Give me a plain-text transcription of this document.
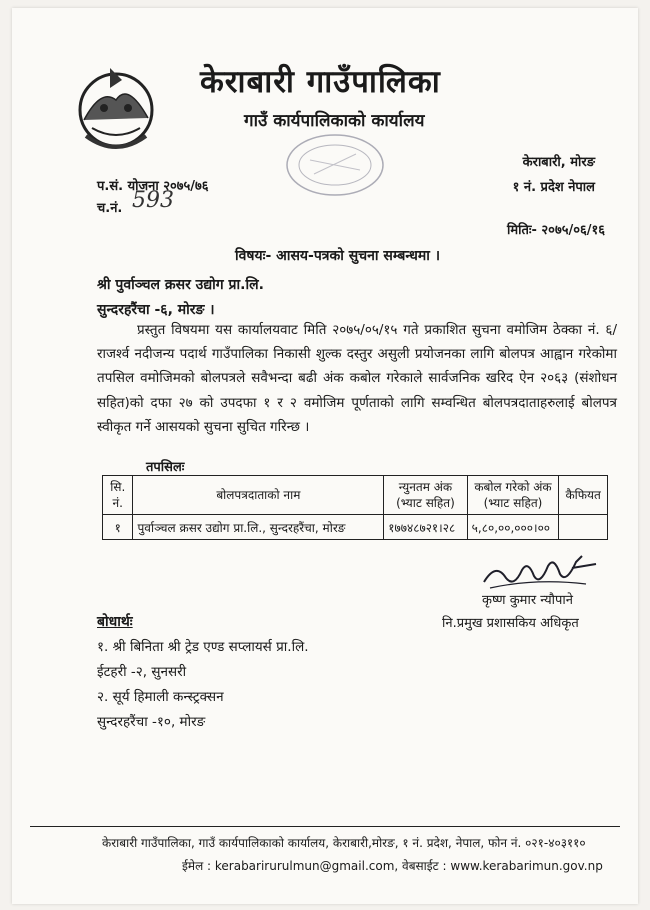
केराबारी गाउँपालिका
गाउँ कार्यपालिकाको कार्यालय
केराबारी, मोरङ
१ नं. प्रदेश नेपाल
प.सं. योजना २०७५/७६
च.नं. 593
मितिः- २०७५/०६/१६
विषयः- आसय-पत्रको सुचना सम्बन्धमा ।
श्री पुर्वाञ्चल क्रसर उद्योग प्रा.लि.
सुन्दरहरैंचा -६, मोरङ ।

प्रस्तुत विषयमा यस कार्यालयवाट मिति २०७५/०५/१५ गते प्रकाशित सुचना वमोजिम ठेक्का नं. ६/राजर्श्व नदीजन्य पदार्थ गाउँपालिका निकासी शुल्क दस्तुर असुली प्रयोजनका लागि बोलपत्र आह्वान गरेकोमा तपसिल वमोजिमको बोलपत्रले सवैभन्दा बढी अंक कबोल गरेकाले सार्वजनिक खरिद ऐन २०६३ (संशोधन सहित)को दफा २७ को उपदफा १ र २ वमोजिम पूर्णताको लागि सम्वन्धित बोलपत्रदाताहरुलाई बोलपत्र स्वीकृत गर्ने आसयको सुचना सुचित गरिन्छ ।

तपसिलः
सि. नं.	बोलपत्रदाताको नाम	न्युनतम अंक (भ्याट सहित)	कबोल गरेको अंक (भ्याट सहित)	कैफियत
१	पुर्वाञ्चल क्रसर उद्योग प्रा.लि., सुन्दरहरैंचा, मोरङ	१७७४८७२१।२८	५,८०,००,०००।००	
कृष्ण कुमार न्यौपाने
नि.प्रमुख प्रशासकिय अधिकृत
बोधार्थः
१. श्री बिनिता श्री ट्रेड एण्ड सप्लायर्स प्रा.लि.
ईटहरी -२, सुनसरी
२. सूर्य हिमाली कन्स्ट्रक्सन
सुन्दरहरैंचा -१०, मोरङ
केराबारी गाउँपालिका, गाउँ कार्यपालिकाको कार्यालय, केराबारी,मोरङ, १ नं. प्रदेश, नेपाल, फोन नं. ०२१-४०३११०
ईमेल : kerabarirurulmun@gmail.com, वेबसाईट : www.kerabarimun.gov.np
